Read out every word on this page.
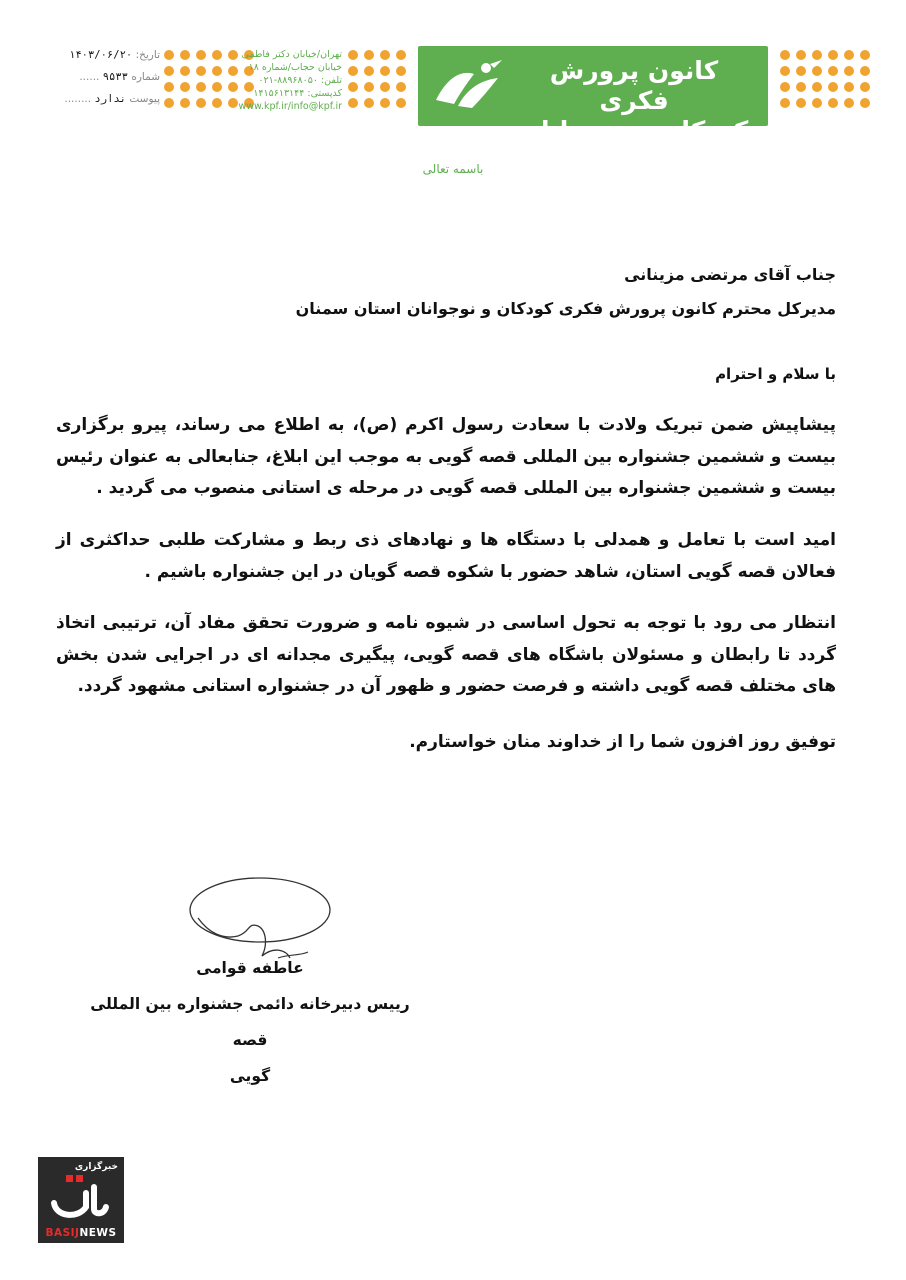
تاریخ: ۱۴۰۳/۰۶/۲۰
شماره ۹۵۳۳ ......
پیوست ندارد ........
تهران/خیابان دکتر فاطمی
خیابان حجاب/شماره ۱۸
تلفن: ۸۸۹۶۸۰۵۰-۰۲۱
کدپستی: ۱۴۱۵۶۱۳۱۴۴
www.kpf.ir/info@kpf.ir
کانون پرورش فکری
کودکان و نوجوانان
باسمه تعالی
جناب آقای مرتضی مزینانی
مدیرکل محترم کانون پرورش فکری کودکان و نوجوانان استان سمنان
با سلام و احترام
پیشاپیش ضمن تبریک ولادت با سعادت رسول اکرم (ص)، به اطلاع می رساند، پیرو برگزاری بیست و ششمین جشنواره بین المللی قصه گویی به موجب این ابلاغ، جنابعالی به عنوان رئیس بیست و ششمین جشنواره بین المللی قصه گویی در مرحله ی استانی منصوب می گردید .
امید است با تعامل و همدلی با دستگاه ها و نهادهای ذی ربط و مشارکت طلبی حداکثری از فعالان قصه گویی استان، شاهد حضور با شکوه قصه گویان در این جشنواره باشیم .
انتظار می رود با توجه به تحول اساسی در شیوه نامه و ضرورت تحقق مفاد آن، ترتیبی اتخاذ گردد تا رابطان و مسئولان باشگاه های قصه گویی، پیگیری مجدانه ای در اجرایی شدن بخش های مختلف قصه گویی داشته و فرصت حضور و ظهور آن در جشنواره استانی مشهود گردد.
توفیق روز افزون شما را از خداوند منان خواستارم.
عاطفه قوامی
رییس دبیرخانه دائمی جشنواره بین المللی قصه
گویی
خبرگزاری
BASIJNEWS
